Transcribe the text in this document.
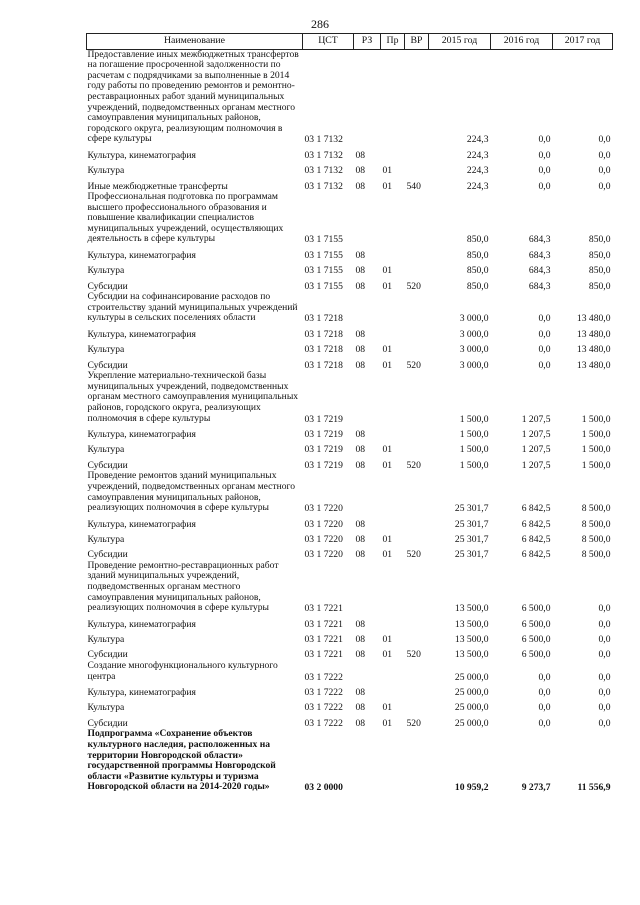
286
Наименование	ЦСТ	РЗ	Пр	ВР	2015 год	2016 год	2017 год
Предоставление иных межбюджетных трансфертов на погашение просроченной задолженности по расчетам с подрядчиками за выполненные в 2014 году работы по проведению ремонтов и ремонтно-реставрационных работ зданий муниципальных учреждений, подведомственных органам местного самоуправления муниципальных районов, городского округа, реализующим полномочия в сфере культуры	03 1 7132				224,3	0,0	0,0
Культура, кинематография	03 1 7132	08			224,3	0,0	0,0
Культура	03 1 7132	08	01		224,3	0,0	0,0
Иные межбюджетные трансферты	03 1 7132	08	01	540	224,3	0,0	0,0
Профессиональная подготовка по программам высшего профессионального образования и повышение квалификации специалистов муниципальных учреждений, осуществляющих деятельность в сфере культуры	03 1 7155				850,0	684,3	850,0
Культура, кинематография	03 1 7155	08			850,0	684,3	850,0
Культура	03 1 7155	08	01		850,0	684,3	850,0
Субсидии	03 1 7155	08	01	520	850,0	684,3	850,0
Субсидии на софинансирование расходов по строительству зданий муниципальных учреждений культуры в сельских поселениях области	03 1 7218				3 000,0	0,0	13 480,0
Культура, кинематография	03 1 7218	08			3 000,0	0,0	13 480,0
Культура	03 1 7218	08	01		3 000,0	0,0	13 480,0
Субсидии	03 1 7218	08	01	520	3 000,0	0,0	13 480,0
Укрепление материально-технической базы муниципальных учреждений, подведомственных органам местного самоуправления муниципальных районов, городского округа, реализующих полномочия в сфере культуры	03 1 7219				1 500,0	1 207,5	1 500,0
Культура, кинематография	03 1 7219	08			1 500,0	1 207,5	1 500,0
Культура	03 1 7219	08	01		1 500,0	1 207,5	1 500,0
Субсидии	03 1 7219	08	01	520	1 500,0	1 207,5	1 500,0
Проведение ремонтов зданий муниципальных учреждений, подведомственных органам местного самоуправления муниципальных районов, реализующих полномочия в сфере культуры	03 1 7220				25 301,7	6 842,5	8 500,0
Культура, кинематография	03 1 7220	08			25 301,7	6 842,5	8 500,0
Культура	03 1 7220	08	01		25 301,7	6 842,5	8 500,0
Субсидии	03 1 7220	08	01	520	25 301,7	6 842,5	8 500,0
Проведение ремонтно-реставрационных работ зданий муниципальных учреждений, подведомственных органам местного самоуправления муниципальных районов, реализующих полномочия в сфере культуры	03 1 7221				13 500,0	6 500,0	0,0
Культура, кинематография	03 1 7221	08			13 500,0	6 500,0	0,0
Культура	03 1 7221	08	01		13 500,0	6 500,0	0,0
Субсидии	03 1 7221	08	01	520	13 500,0	6 500,0	0,0
Создание многофункционального культурного центра	03 1 7222				25 000,0	0,0	0,0
Культура, кинематография	03 1 7222	08			25 000,0	0,0	0,0
Культура	03 1 7222	08	01		25 000,0	0,0	0,0
Субсидии	03 1 7222	08	01	520	25 000,0	0,0	0,0
Подпрограмма «Сохранение объектов культурного наследия, расположенных на территории Новгородской области» государственной программы Новгородской области «Развитие культуры и туризма Новгородской области на 2014-2020 годы»	03 2 0000				10 959,2	9 273,7	11 556,9
